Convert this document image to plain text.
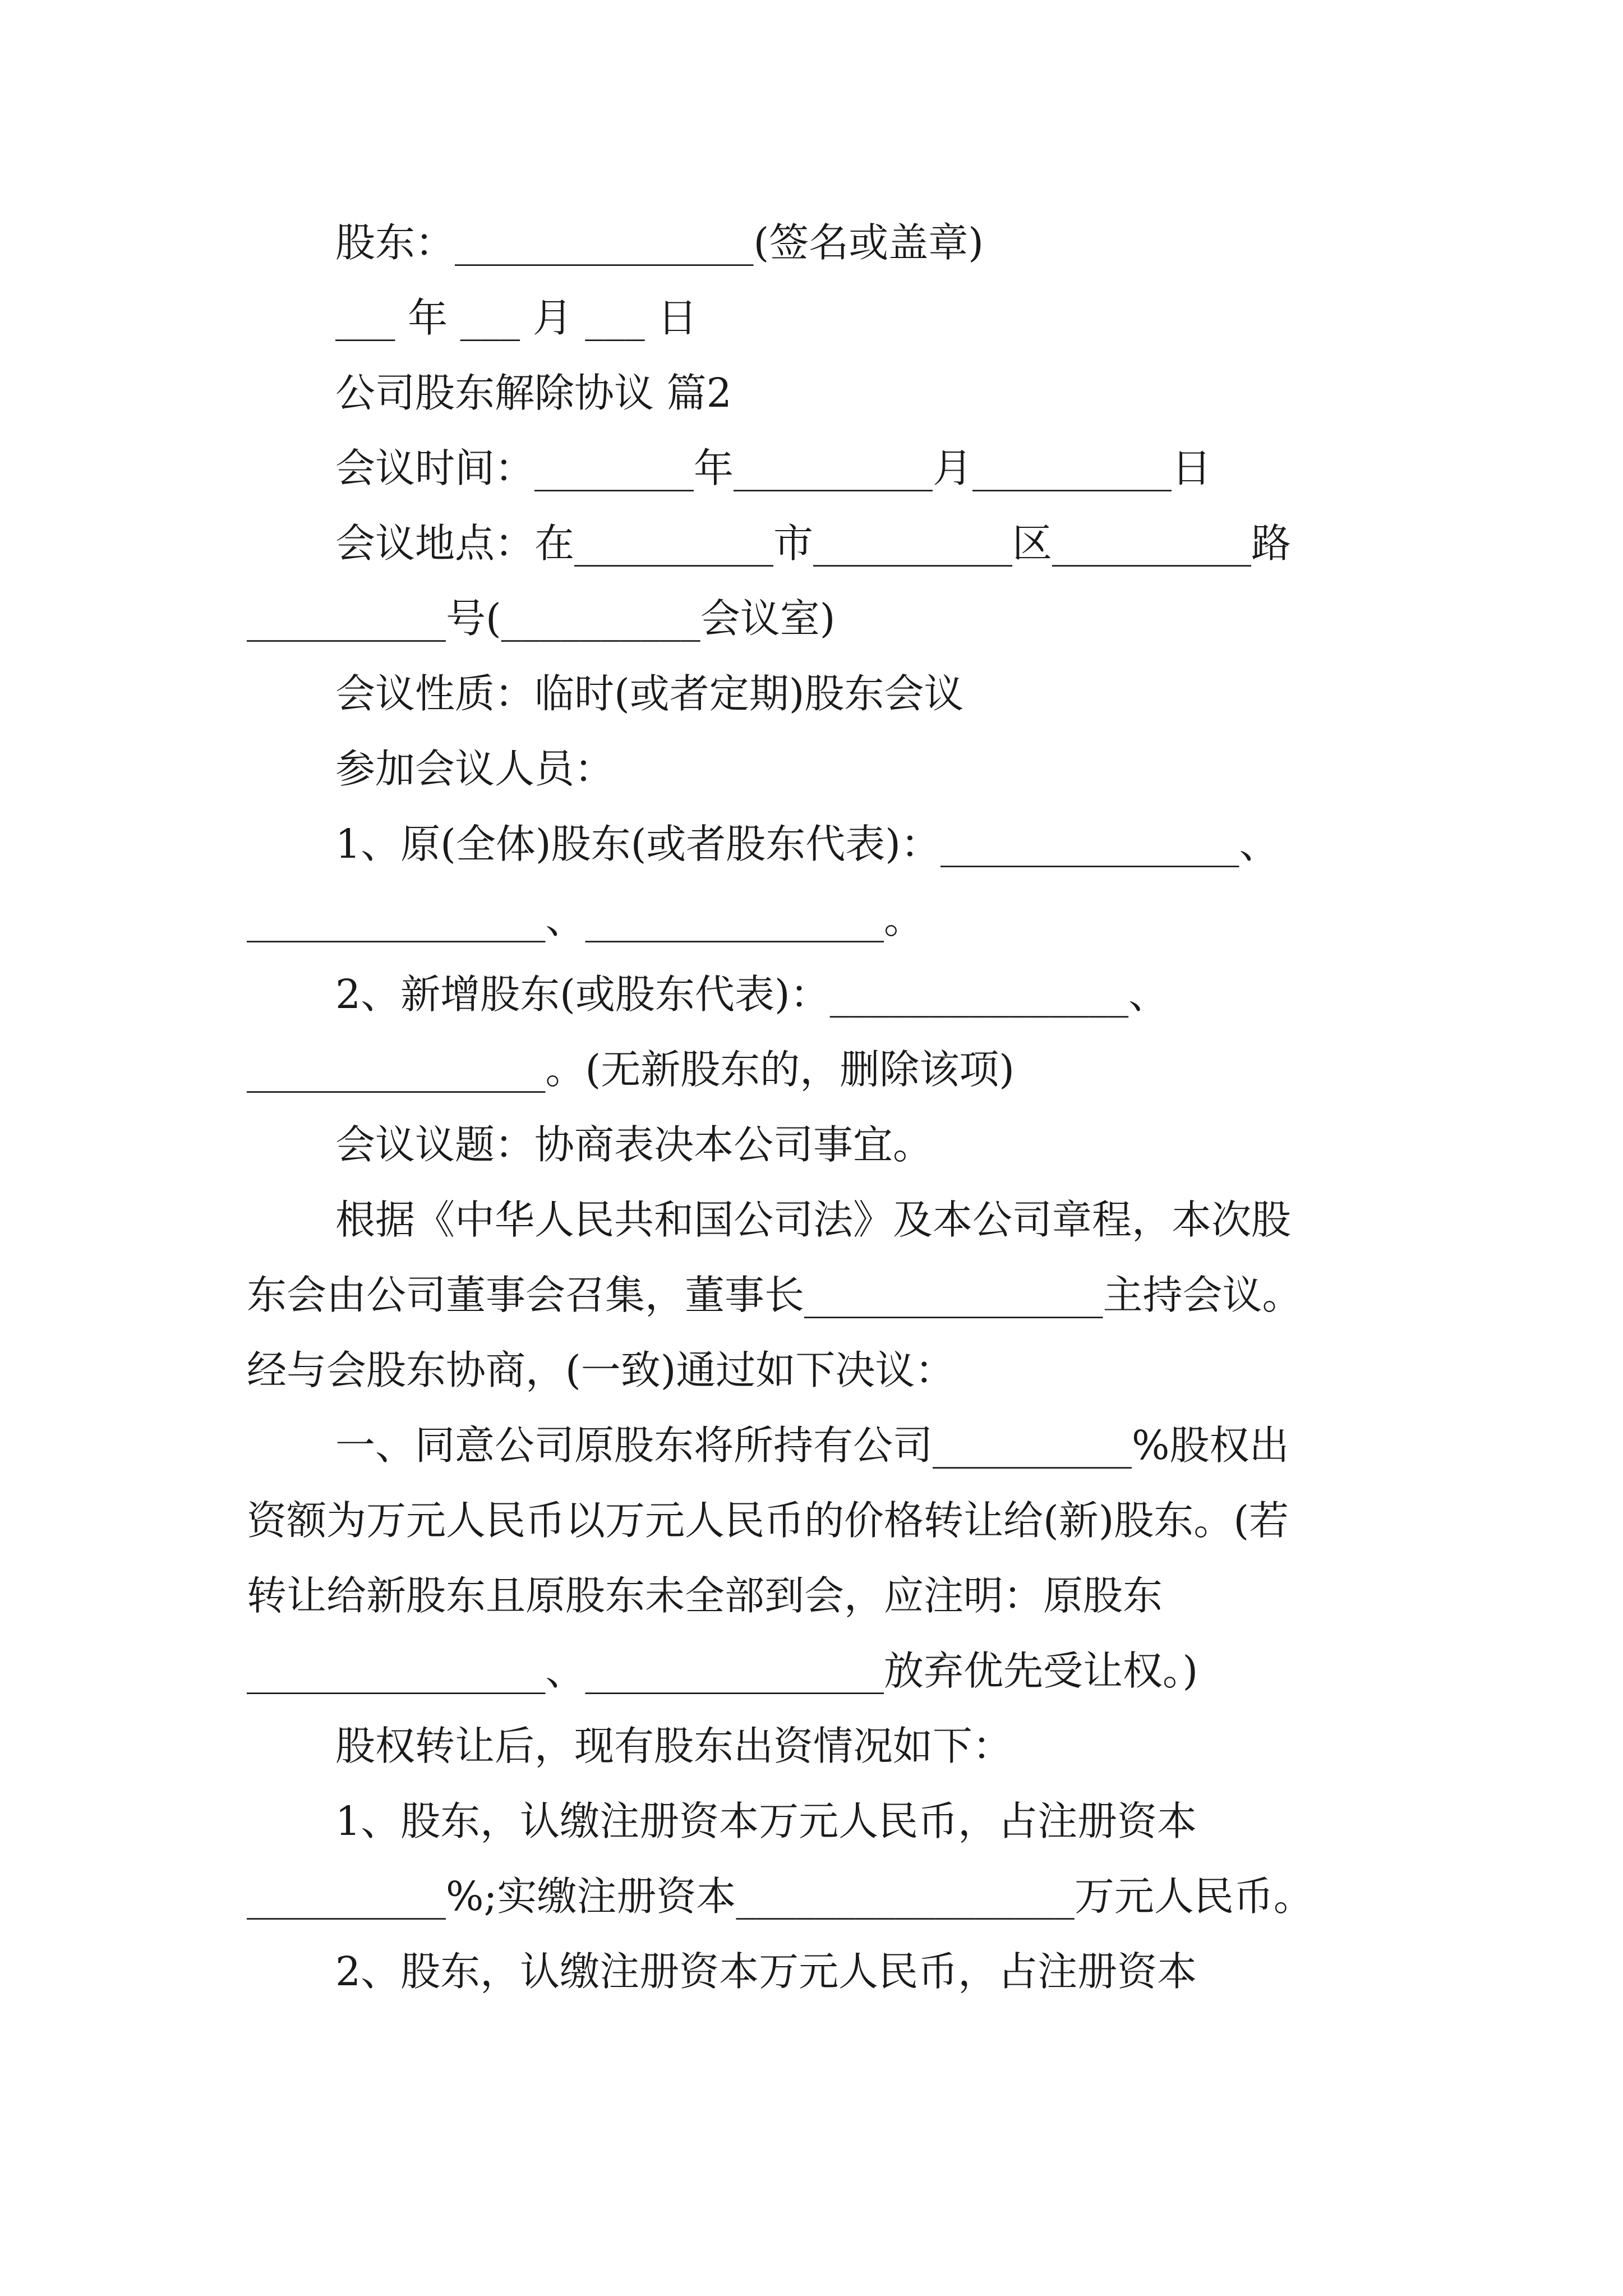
股东：_______________(签名或盖章)
___ 年 ___ 月 ___ 日
公司股东解除协议 篇2
会议时间：________年__________月__________日
会议地点：在__________市__________区__________路
__________号(__________会议室)
会议性质：临时(或者定期)股东会议
参加会议人员：
1、原(全体)股东(或者股东代表)：_______________、
_______________、_______________。
2、新增股东(或股东代表)：_______________、
_______________。(无新股东的，删除该项)
会议议题：协商表决本公司事宜。
根据《中华人民共和国公司法》及本公司章程，本次股
东会由公司董事会召集，董事长_______________主持会议。
经与会股东协商，(一致)通过如下决议：
一、同意公司原股东将所持有公司__________%股权出
资额为万元人民币以万元人民币的价格转让给(新)股东。(若
转让给新股东且原股东未全部到会，应注明：原股东
_______________、_______________放弃优先受让权。)
股权转让后，现有股东出资情况如下：
1、股东，认缴注册资本万元人民币，占注册资本
__________%;实缴注册资本_________________万元人民币。
2、股东，认缴注册资本万元人民币，占注册资本
